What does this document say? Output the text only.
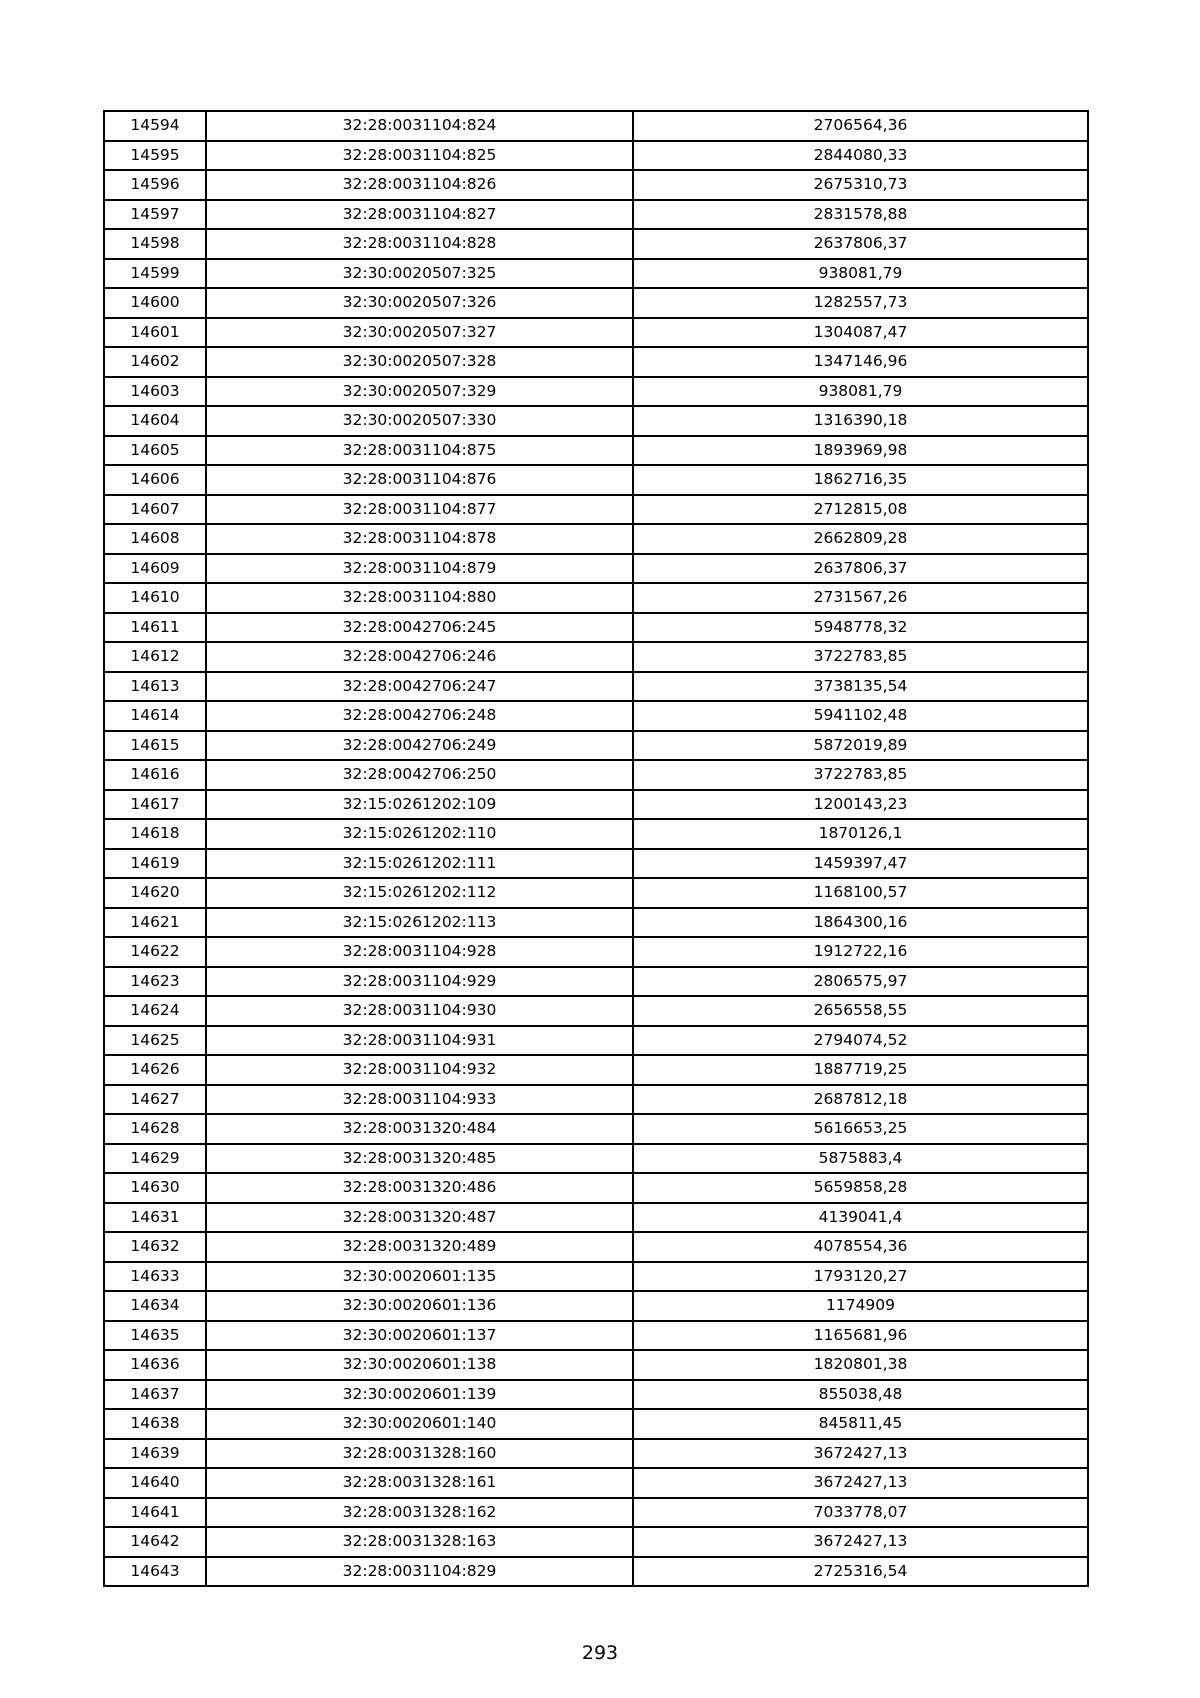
14594	32:28:0031104:824	2706564,36
14595	32:28:0031104:825	2844080,33
14596	32:28:0031104:826	2675310,73
14597	32:28:0031104:827	2831578,88
14598	32:28:0031104:828	2637806,37
14599	32:30:0020507:325	938081,79
14600	32:30:0020507:326	1282557,73
14601	32:30:0020507:327	1304087,47
14602	32:30:0020507:328	1347146,96
14603	32:30:0020507:329	938081,79
14604	32:30:0020507:330	1316390,18
14605	32:28:0031104:875	1893969,98
14606	32:28:0031104:876	1862716,35
14607	32:28:0031104:877	2712815,08
14608	32:28:0031104:878	2662809,28
14609	32:28:0031104:879	2637806,37
14610	32:28:0031104:880	2731567,26
14611	32:28:0042706:245	5948778,32
14612	32:28:0042706:246	3722783,85
14613	32:28:0042706:247	3738135,54
14614	32:28:0042706:248	5941102,48
14615	32:28:0042706:249	5872019,89
14616	32:28:0042706:250	3722783,85
14617	32:15:0261202:109	1200143,23
14618	32:15:0261202:110	1870126,1
14619	32:15:0261202:111	1459397,47
14620	32:15:0261202:112	1168100,57
14621	32:15:0261202:113	1864300,16
14622	32:28:0031104:928	1912722,16
14623	32:28:0031104:929	2806575,97
14624	32:28:0031104:930	2656558,55
14625	32:28:0031104:931	2794074,52
14626	32:28:0031104:932	1887719,25
14627	32:28:0031104:933	2687812,18
14628	32:28:0031320:484	5616653,25
14629	32:28:0031320:485	5875883,4
14630	32:28:0031320:486	5659858,28
14631	32:28:0031320:487	4139041,4
14632	32:28:0031320:489	4078554,36
14633	32:30:0020601:135	1793120,27
14634	32:30:0020601:136	1174909
14635	32:30:0020601:137	1165681,96
14636	32:30:0020601:138	1820801,38
14637	32:30:0020601:139	855038,48
14638	32:30:0020601:140	845811,45
14639	32:28:0031328:160	3672427,13
14640	32:28:0031328:161	3672427,13
14641	32:28:0031328:162	7033778,07
14642	32:28:0031328:163	3672427,13
14643	32:28:0031104:829	2725316,54
293
